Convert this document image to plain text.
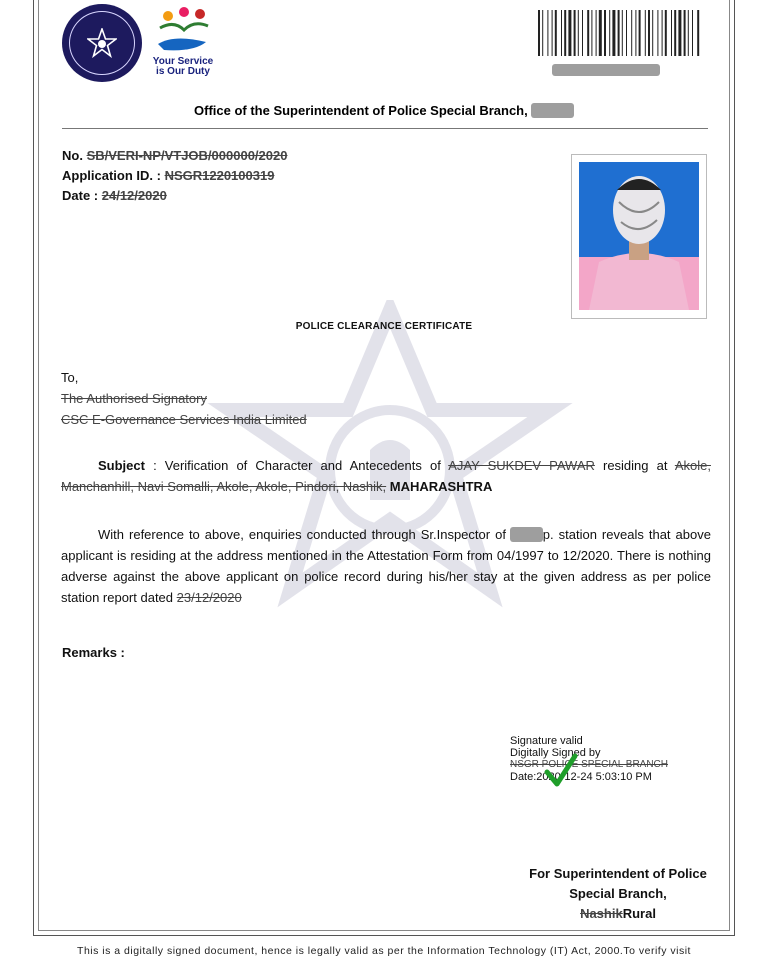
Your Service
is Our Duty
Office of the Superintendent of Police Special Branch,
No. SB/VERI-NP/VTJOB/000000/2020
Application ID. : NSGR1220100319
Date : 24/12/2020
POLICE CLEARANCE CERTIFICATE
To,
The Authorised Signatory
CSC E-Governance Services India Limited
Subject : Verification of Character and Antecedents of AJAY SUKDEV PAWAR residing at Akole, Manchanhill, Navi Somalli, Akole, Akole, Pindori, Nashik, MAHARASHTRA
With reference to above, enquiries conducted through Sr.Inspector of	p. station reveals that above applicant is residing at the address mentioned in the Attestation Form from 04/1997 to 12/2020. There is nothing adverse against the above applicant on police record during his/her stay at the given address as per police station report dated 23/12/2020
Remarks :
Signature valid
Digitally Signed by
NSGR POLICE SPECIAL BRANCH
Date:2020-12-24 5:03:10 PM
For Superintendent of Police
Special Branch,
NashikRural
This is a digitally signed document, hence is legally valid as per the Information Technology (IT) Act, 2000.To verify visit
